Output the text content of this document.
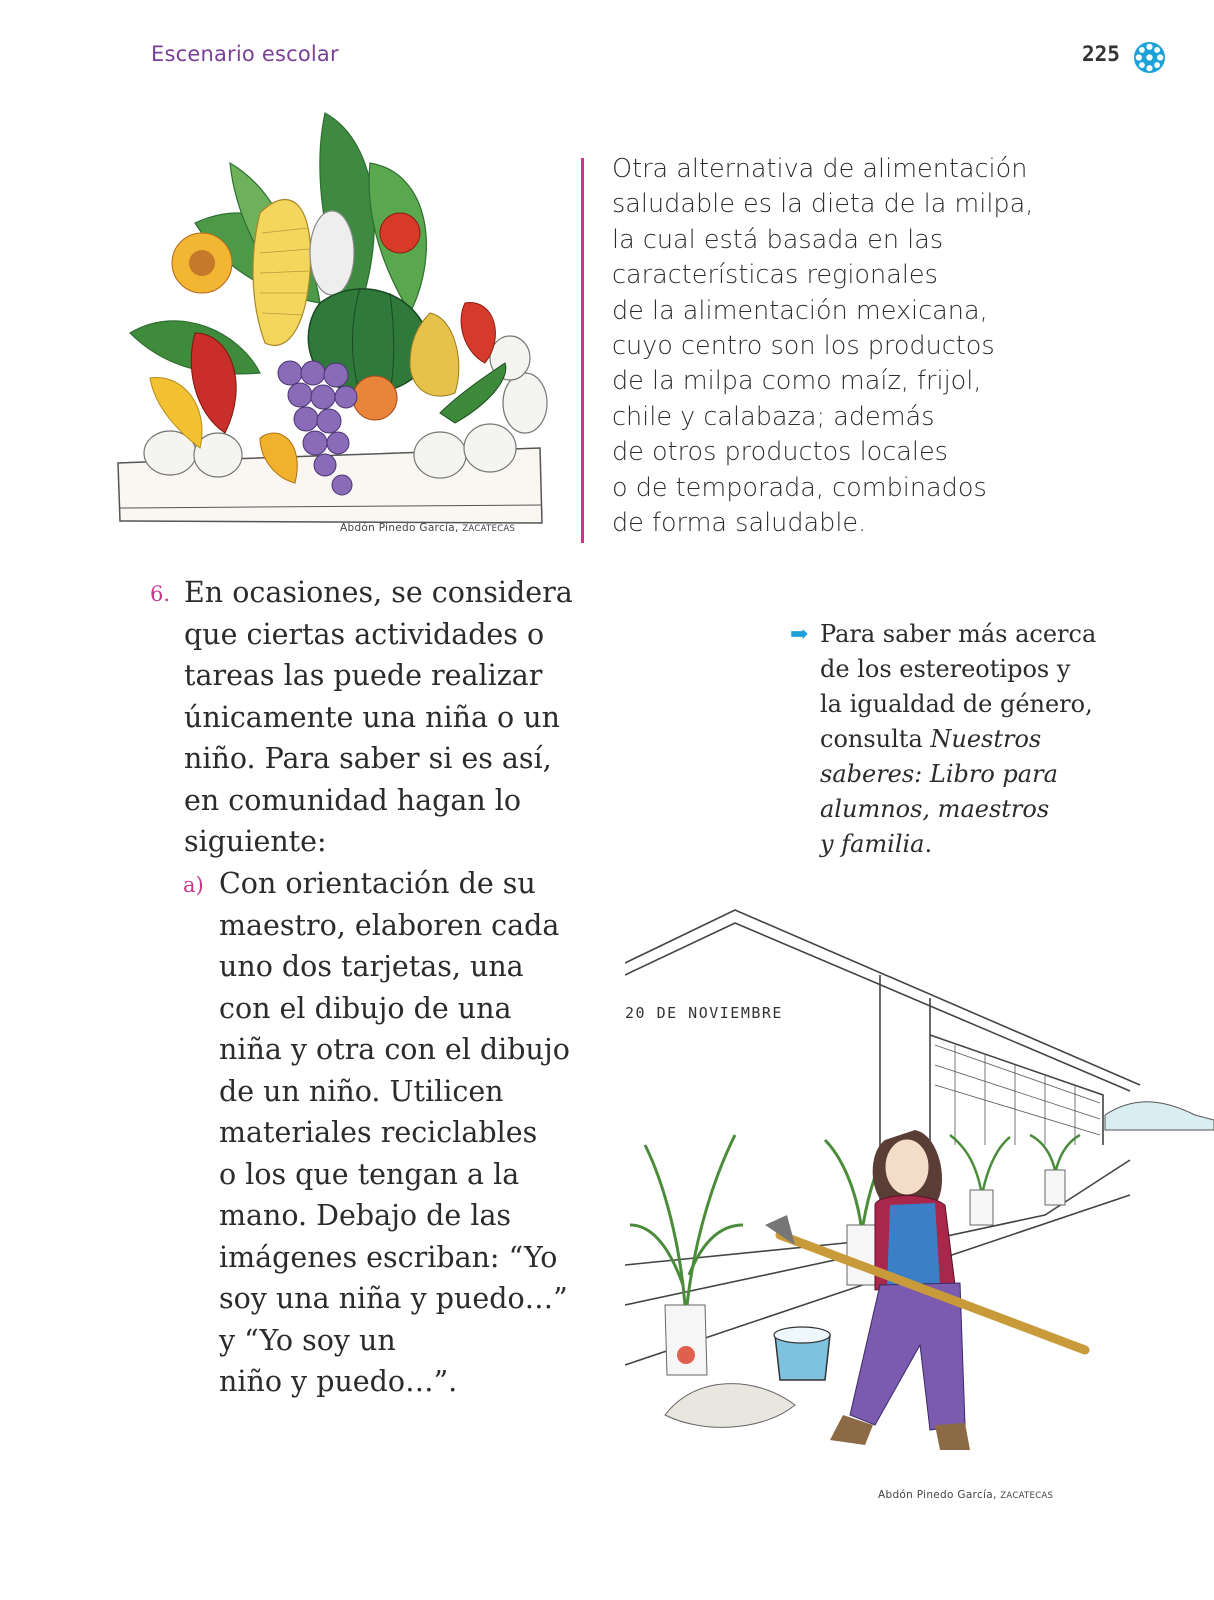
Escenario escolar	225
Abdón Pinedo García, ZACATECAS
Otra alternativa de alimentación
saludable es la dieta de la milpa,
la cual está basada en las
características regionales
de la alimentación mexicana,
cuyo centro son los productos
de la milpa como maíz, frijol,
chile y calabaza; además
de otros productos locales
o de temporada, combinados
de forma saludable.
6. En ocasiones, se considera
que ciertas actividades o
tareas las puede realizar
únicamente una niña o un
niño. Para saber si es así,
en comunidad hagan lo
siguiente:
a) Con orientación de su
maestro, elaboren cada
uno dos tarjetas, una
con el dibujo de una
niña y otra con el dibujo
de un niño. Utilicen
materiales reciclables
o los que tengan a la
mano. Debajo de las
imágenes escriban: “Yo
soy una niña y puedo…”
y “Yo soy un
niño y puedo…”.
➡ Para saber más acerca
de los estereotipos y
la igualdad de género,
consulta Nuestros
saberes: Libro para
alumnos, maestros
y familia.
20 DE NOVIEMBRE
Abdón Pinedo García, ZACATECAS
